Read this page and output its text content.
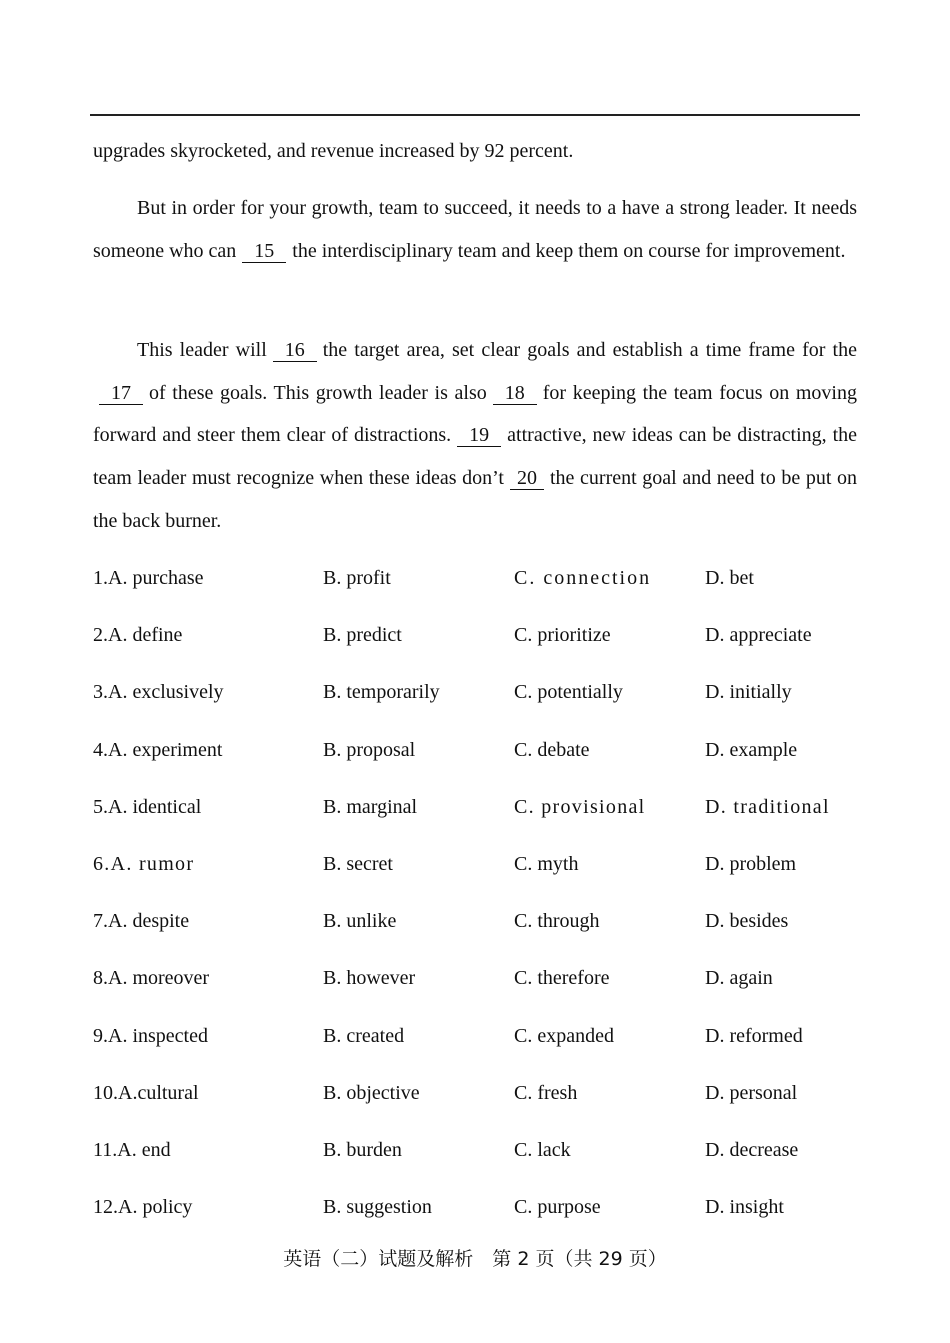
upgrades skyrocketed, and revenue increased by 92 percent.

But in order for your growth, team to succeed, it needs to a have a strong leader. It needs someone who can 15 the interdisciplinary team and keep them on course for improvement.

This leader will 16 the target area, set clear goals and establish a time frame for the17 of these goals. This growth leader is also 18 for keeping the team focus on moving forward and steer them clear of distractions. 19 attractive, new ideas can be distracting, the team leader must recognize when these ideas don’t 20 the current goal and need to be put on the back burner.

1.A. purchase	B. profit	C. connection	D. bet
2.A. define	B. predict	C. prioritize	D. appreciate
3.A. exclusively	B. temporarily	C. potentially	D. initially
4.A. experiment	B. proposal	C. debate	D. example
5.A. identical	B. marginal	C. provisional	D. traditional
6.A. rumor	B. secret	C. myth	D. problem
7.A. despite	B. unlike	C. through	D. besides
8.A. moreover	B. however	C. therefore	D. again
9.A. inspected	B. created	C. expanded	D. reformed
10.A.cultural	B. objective	C. fresh	D. personal
11.A. end	B. burden	C. lack	D. decrease
12.A. policy	B. suggestion	C. purpose	D. insight
英语（二）试题及解析　第 2 页（共 29 页）
